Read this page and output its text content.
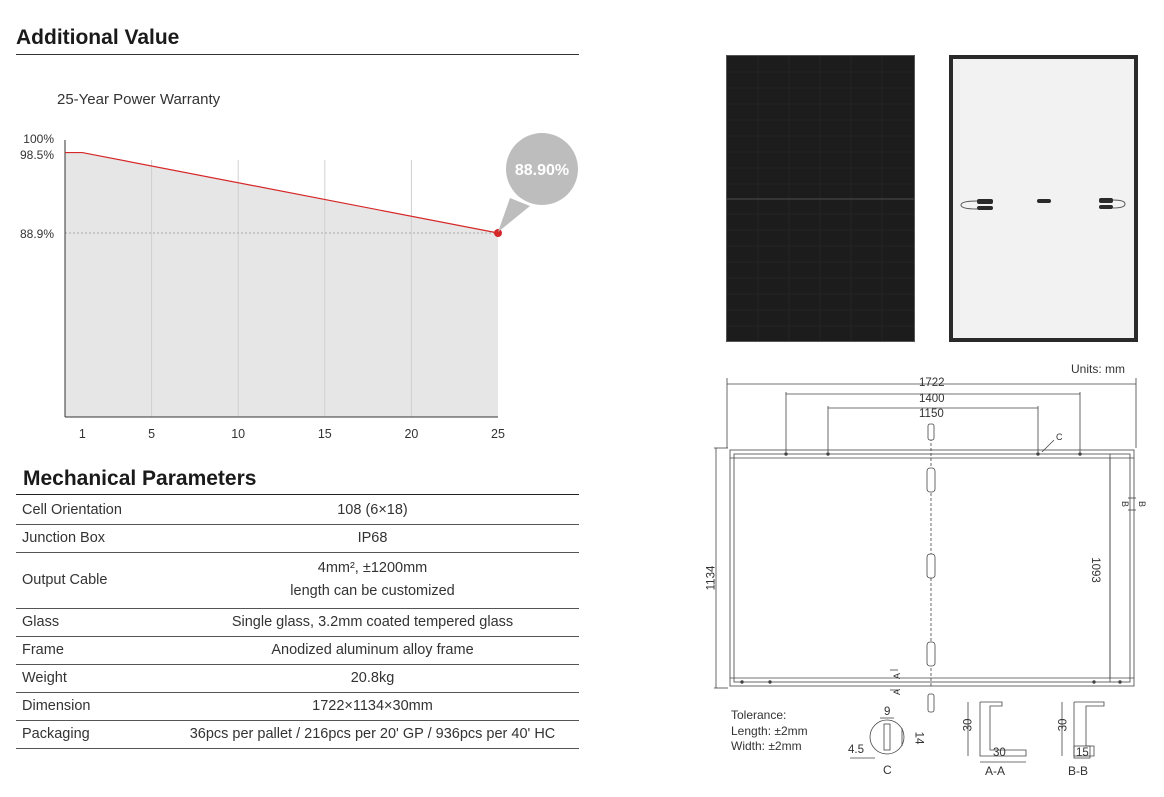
Additional Value
25-Year Power Warranty
100%
98.5%
88.9%
88.90%
1	5	10	15	20	25
Mechanical Parameters
Cell Orientation	108 (6×18)
Junction Box	IP68
Output Cable	4mm², ±1200mm
length can be customized

Glass	Single glass, 3.2mm coated tempered glass
Frame	Anodized aluminum alloy frame
Weight	20.8kg
Dimension	1722×1134×30mm
Packaging	36pcs per pallet / 216pcs per 20' GP / 936pcs per 40' HC
Units: mm
1722
1400
1150
1134	1093
C
B B
A
A
Tolerance:
Length: ±2mm
Width: ±2mm
9
14
4.5
C
30
30
A-A
30
15
B-B
